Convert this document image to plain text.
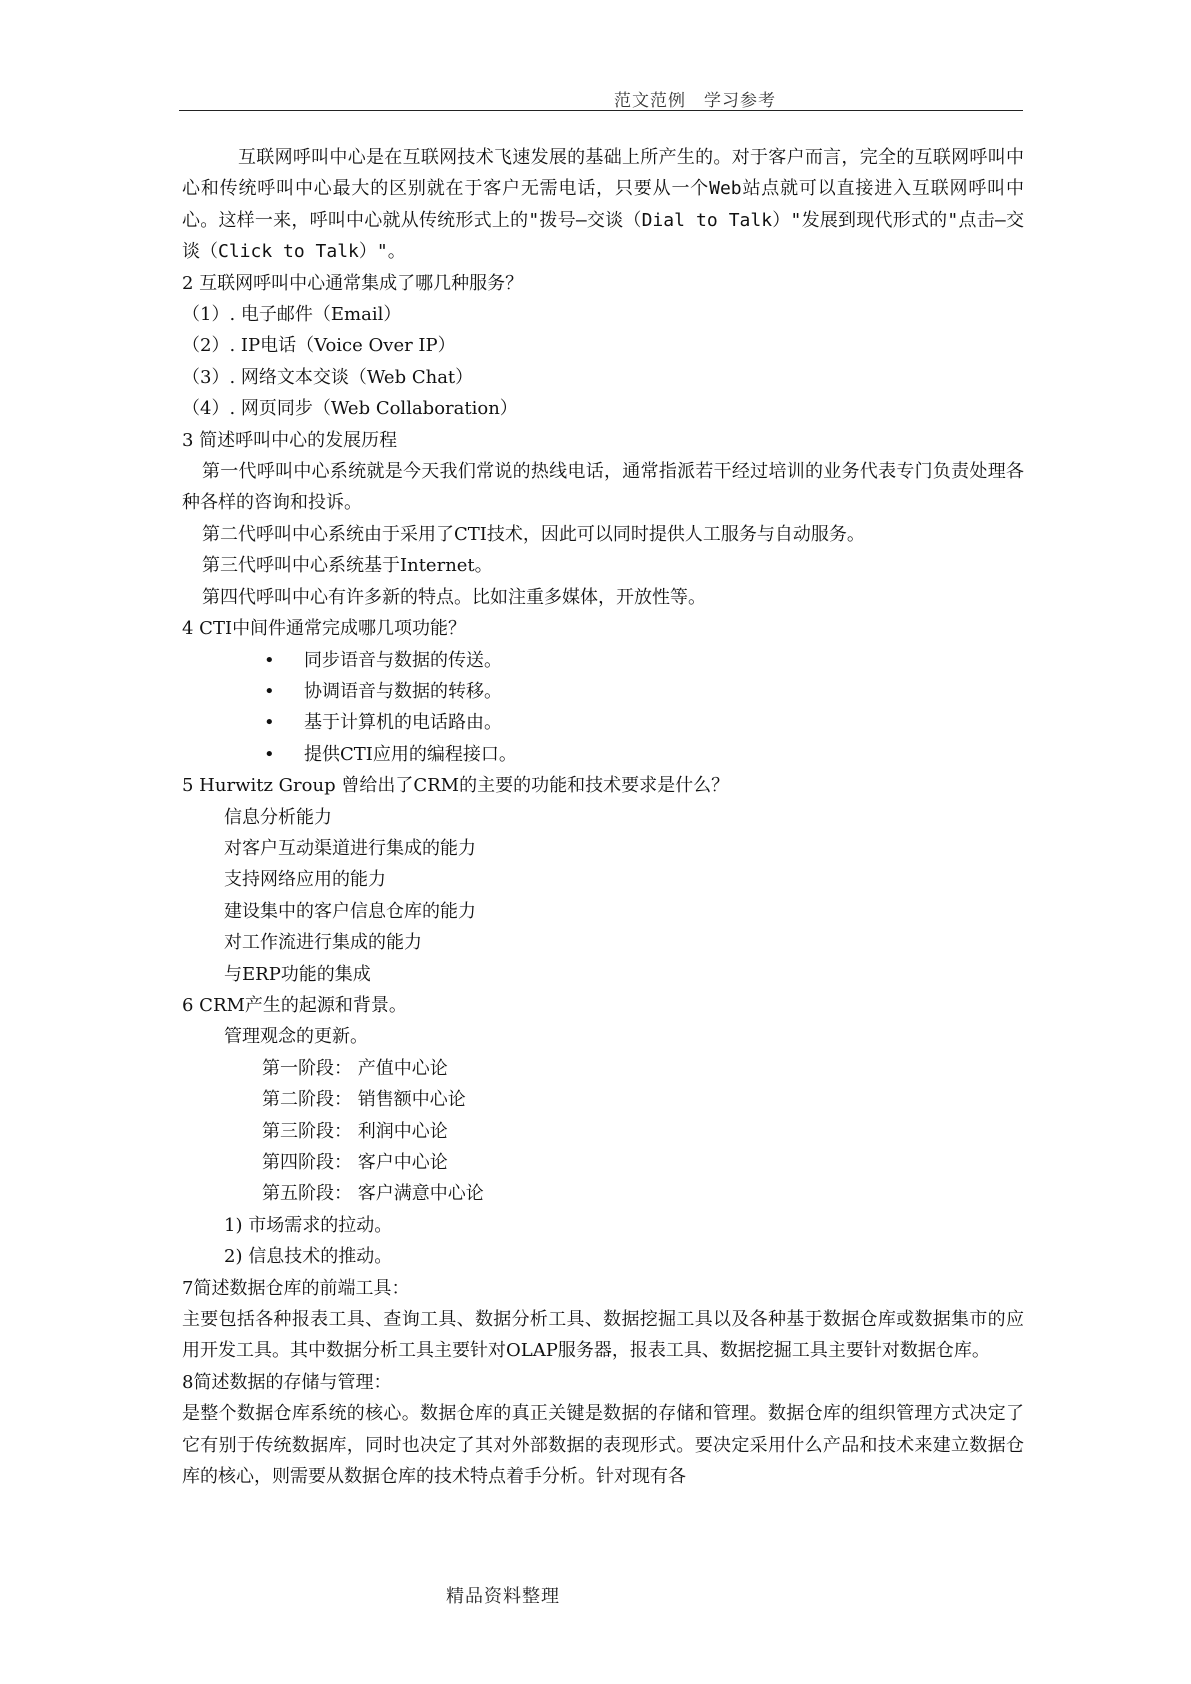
范文范例　学习参考

互联网呼叫中心是在互联网技术飞速发展的基础上所产生的。对于客户而言，完全的互联网呼叫中心和传统呼叫中心最大的区别就在于客户无需电话，只要从一个Web站点就可以直接进入互联网呼叫中心。这样一来，呼叫中心就从传统形式上的"拨号—交谈（Dial to Talk）"发展到现代形式的"点击—交谈（Click to Talk）"。

2 互联网呼叫中心通常集成了哪几种服务？

（1）. 电子邮件（Email）

（2）. IP电话（Voice Over IP）

（3）. 网络文本交谈（Web Chat）

（4）. 网页同步（Web Collaboration）

3 简述呼叫中心的发展历程

第一代呼叫中心系统就是今天我们常说的热线电话，通常指派若干经过培训的业务代表专门负责处理各种各样的咨询和投诉。

第二代呼叫中心系统由于采用了CTI技术，因此可以同时提供人工服务与自动服务。

第三代呼叫中心系统基于Internet。

第四代呼叫中心有许多新的特点。比如注重多媒体，开放性等。

4 CTI中间件通常完成哪几项功能？

• 同步语音与数据的传送。
• 协调语音与数据的转移。
• 基于计算机的电话路由。
• 提供CTI应用的编程接口。

5 Hurwitz Group 曾给出了CRM的主要的功能和技术要求是什么？

信息分析能力

对客户互动渠道进行集成的能力

支持网络应用的能力

建设集中的客户信息仓库的能力

对工作流进行集成的能力

与ERP功能的集成

6 CRM产生的起源和背景。

管理观念的更新。

第一阶段： 产值中心论

第二阶段： 销售额中心论

第三阶段： 利润中心论

第四阶段： 客户中心论

第五阶段： 客户满意中心论

1) 市场需求的拉动。

2) 信息技术的推动。

7简述数据仓库的前端工具：

主要包括各种报表工具、查询工具、数据分析工具、数据挖掘工具以及各种基于数据仓库或数据集市的应用开发工具。其中数据分析工具主要针对OLAP服务器，报表工具、数据挖掘工具主要针对数据仓库。

8简述数据的存储与管理：

是整个数据仓库系统的核心。数据仓库的真正关键是数据的存储和管理。数据仓库的组织管理方式决定了它有别于传统数据库，同时也决定了其对外部数据的表现形式。要决定采用什么产品和技术来建立数据仓库的核心，则需要从数据仓库的技术特点着手分析。针对现有各

精品资料整理
